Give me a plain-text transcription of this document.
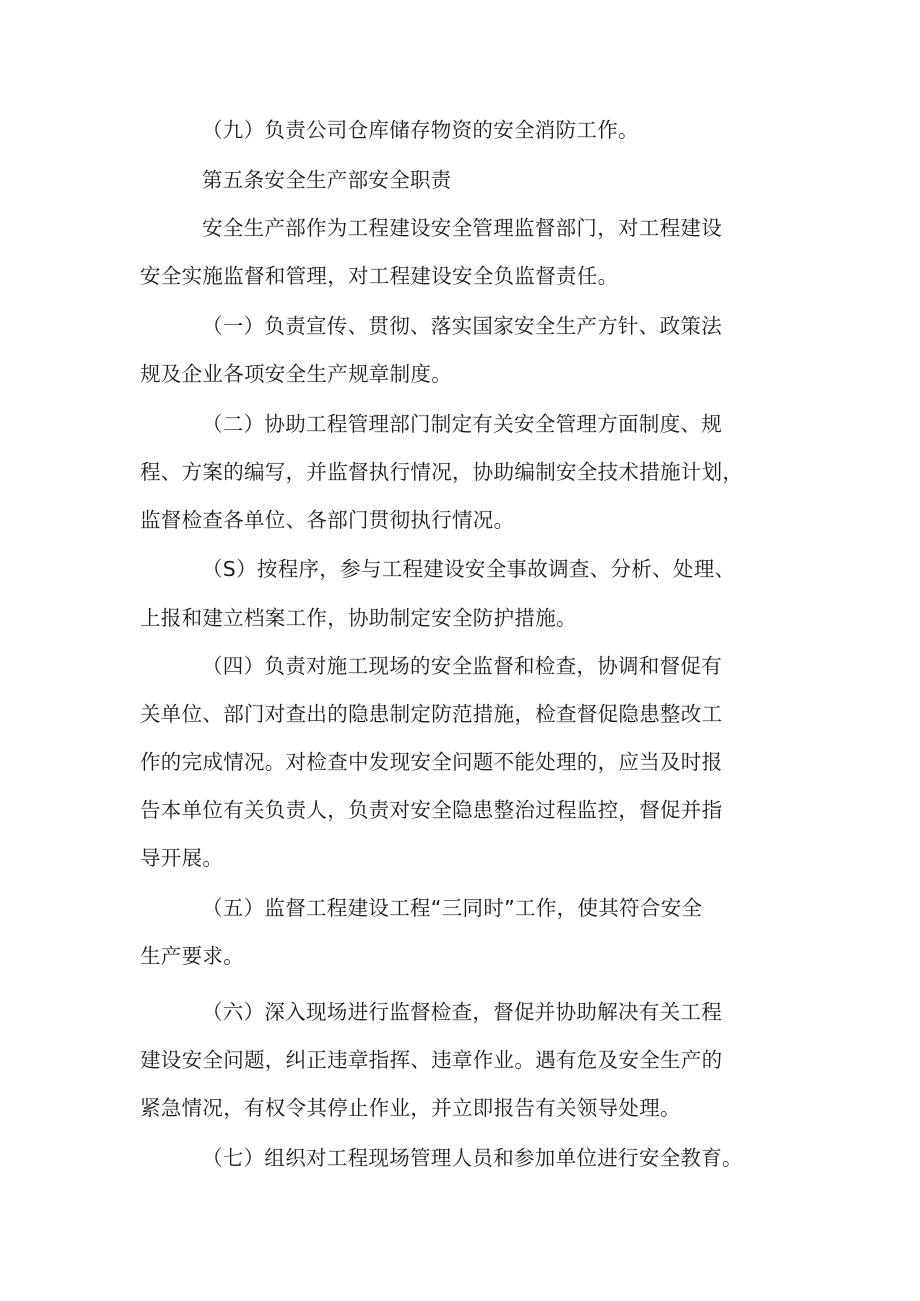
（九）负责公司仓库储存物资的安全消防工作。
第五条安全生产部安全职责
安全生产部作为工程建设安全管理监督部门，对工程建设
安全实施监督和管理，对工程建设安全负监督责任。
（一）负责宣传、贯彻、落实国家安全生产方针、政策法
规及企业各项安全生产规章制度。
（二）协助工程管理部门制定有关安全管理方面制度、规
程、方案的编写，并监督执行情况，协助编制安全技术措施计划，
监督检查各单位、各部门贯彻执行情况。
（S）按程序，参与工程建设安全事故调查、分析、处理、
上报和建立档案工作，协助制定安全防护措施。
（四）负责对施工现场的安全监督和检查，协调和督促有
关单位、部门对查出的隐患制定防范措施，检查督促隐患整改工
作的完成情况。对检查中发现安全问题不能处理的，应当及时报
告本单位有关负责人，负责对安全隐患整治过程监控，督促并指
导开展。
（五）监督工程建设工程“三同时”工作，使其符合安全
生产要求。
（六）深入现场进行监督检查，督促并协助解决有关工程
建设安全问题，纠正违章指挥、违章作业。遇有危及安全生产的
紧急情况，有权令其停止作业，并立即报告有关领导处理。
（七）组织对工程现场管理人员和参加单位进行安全教育。
